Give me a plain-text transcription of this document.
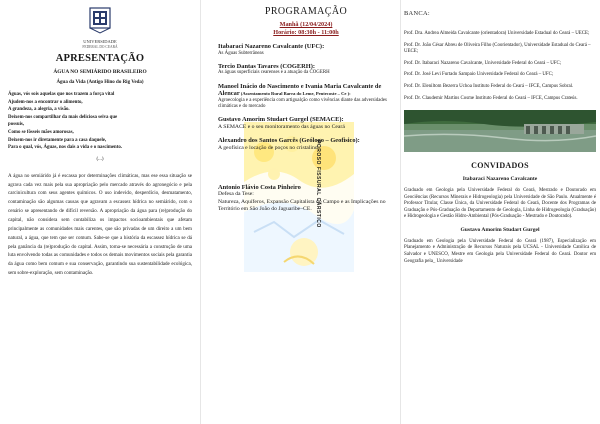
UNIVERSIDADE
FEDERAL DO CEARÁ
APRESENTAÇÃO
ÁGUA NO SEMIÁRIDO BRASILEIRO
Água da Vida (Antigo Hino do Rig Veda)
Águas, vós sois aquelas que nos trazem a força vital
Ajudem-nos a encontrar o alimento,
A grandeza, a alegria, a visão.
Deixem-nos compartilhar da mais deliciosa seiva que
possuis,
Como se fôsseis mães amorosas,
Deixem-nos ir diretamente para a casa daquele,
Para o qual, vós, Águas, nos dais a vida e o nascimento.
(...)
A água no semiárido já é escassa por determinações climáticas, mas ese essa situação se agrava cada vez mais pela sua apropriação pelo mercado através do agronegócio e pela carcinicultura com seus agentes químicos. O uso indevido, desperdício, desmatamento, contaminação são algumas causas que agravam a escassez hídrica no semiárido, com o cenário se apresentando de difícil reversão. A apropriação da água para (re)produção do capital, não considera sem contabiliza os impactos socioambientais que afetam principalmente as comunidades mais carentes, que são privadas de um direito a um bem natural, a água, que tem que ser comum. Sabe-se que a história da escassez hídrica se dá pela ganância da (re)produção do capital. Assim, torna-se necessária a construção de uma luta envolvendo todas as comunidades e todos os demais movimentos sociais pela garantia da água como bem comum e sua conservação, garantindo sua sustentabilidade ecológica, sem sobre-exploração, sem contaminação.
PROGRAMAÇÃO
Manhã (12/04/2024)
Horário: 08:30h - 11:00h
POROSO FISSURAL CÁRSTICO
Itabaraci Nazareno Cavalcante (UFC):
As Águas Subterrâneas
Tercio Dantas Tavares (COGERH):
As águas superficiais cearenses e a atuação da COGERH
Manoel Inácio do Nascimento e Ivania Maria Cavalcante de Alencar (Assentamento Rural Barra do Leme, Pentecoste – Ce ):
Agroecologia e a experiência com artigualção como vivências diante das adversidades climáticas e do mercado
Gustavo Amorim Studart Gurgel (SEMACE):
A SEMACE e o seu monitoramento das águas no Ceará
Alexandro dos Santos Garcês (Geólogo – Geofisico):
A geofísica e locação de poços no cristalino
Antonio Flávio Costa Pinheiro
Defesa da Tese:
Natureza, Aquíferos, Expansão Capitalista do Campo e as Implicações no Território em São João do Jaguaribe–CE.
BANCA:
Prof. Dra. Andrea Almeida Cavalcante (orientadora) Universidade Estadual do Ceará – UECE;
Prof. Dr. João César Abreu de Oliveira Filho (Coorientador), Universidade Estadual do Ceará – UECE;
Prof. Dr. Itabaraci Nazareno Cavalcante, Universidade Federal do Ceará – UFC;
Prof. Dr. José Levi Furtado Sampaio Universidade Federal do Ceará – UFC;
Prof. Dr. Eleniltom Bezerra Uchoa Instituto Federal do Ceará – IFCE, Campus Sobral.
Prof. Dr. Claudemir Martins Cosme Instituto Federal do Ceará – IFCE, Campus Crateús.
CONVIDADOS
Itabaraci Nazareno Cavalcante
Graduado em Geologia pela Universidade Federal do Ceará, Mestrado e Doutorado em Geociências (Recursos Minerais e Hidrogeologia) pela Universidade de São Paulo. Atualmente é Professor Titular, Classe Única, da Universidade Federal do Ceará, Docente dos Programas de Graduação e Pós-Graduação do Departamento de Geologia, Linha de Hidrogeologia (Graduação) e Hidrogeologia e Gestão Hidro-Ambiental (Pós-Graduação - Mestrado e Doutorado).
Gustavo Amorim Studart Gurgel
Graduado em Geologia pela Universidade Federal do Ceará (1987), Especialização em Planejamento e Administração de Recursos Naturais pela UCSAL - Universidade Católica de Salvador e UNESCO, Mestre em Geologia pela Universidade Federal do Ceará. Doutor em Geografia pela_ Universidade
